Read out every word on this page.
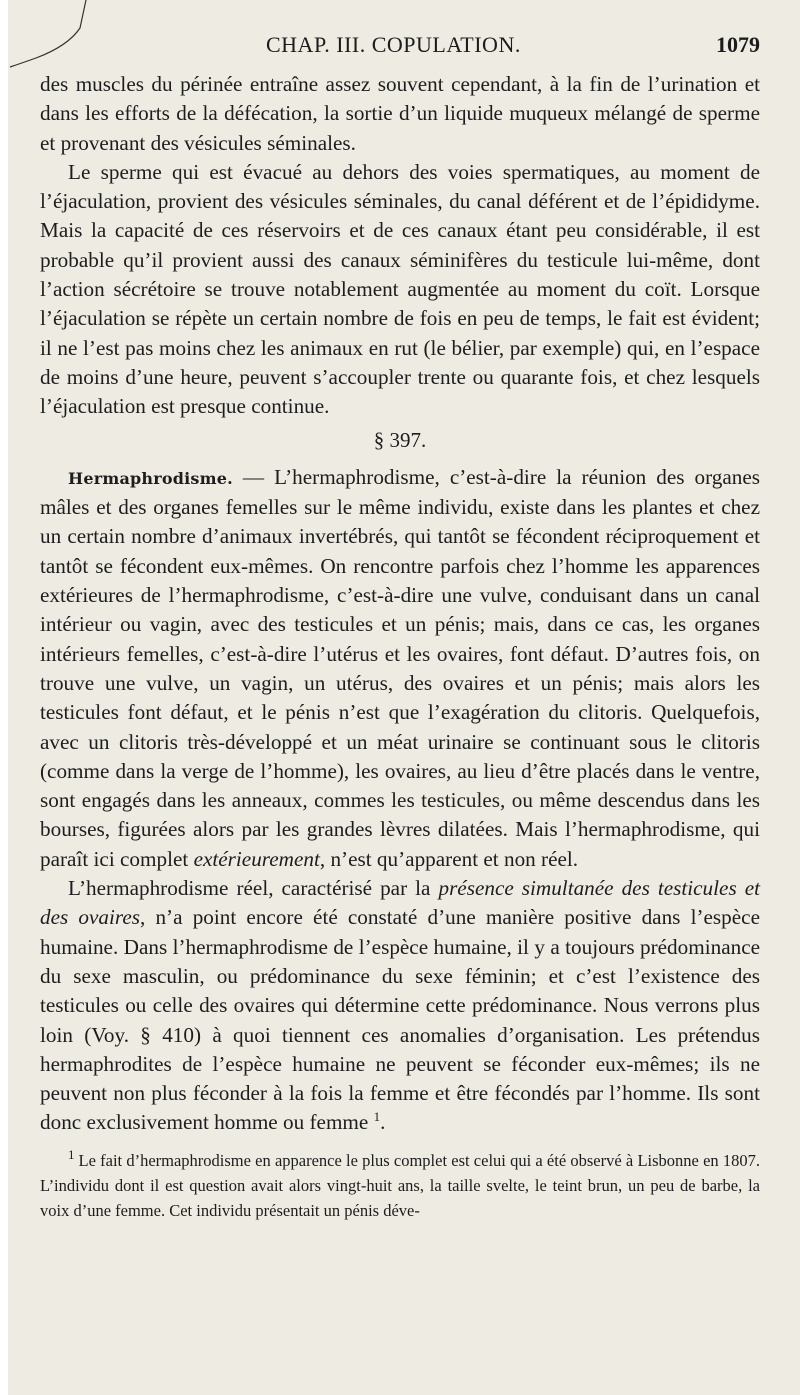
CHAP. III. COPULATION.	1079

des muscles du périnée entraîne assez souvent cependant, à la fin de l’urination et dans les efforts de la défécation, la sortie d’un liquide muqueux mélangé de sperme et provenant des vésicules séminales.

Le sperme qui est évacué au dehors des voies spermatiques, au moment de l’éjaculation, provient des vésicules séminales, du canal déférent et de l’épididyme. Mais la capacité de ces réservoirs et de ces canaux étant peu considérable, il est probable qu’il provient aussi des canaux séminifères du testicule lui-même, dont l’action sécrétoire se trouve notablement augmentée au moment du coït. Lorsque l’éjaculation se répète un certain nombre de fois en peu de temps, le fait est évident; il ne l’est pas moins chez les animaux en rut (le bélier, par exemple) qui, en l’espace de moins d’une heure, peuvent s’accoupler trente ou quarante fois, et chez lesquels l’éjaculation est presque continue.

§ 397.

Hermaphrodisme. — L’hermaphrodisme, c’est-à-dire la réunion des organes mâles et des organes femelles sur le même individu, existe dans les plantes et chez un certain nombre d’animaux invertébrés, qui tantôt se fécondent réciproquement et tantôt se fécondent eux-mêmes. On rencontre parfois chez l’homme les apparences extérieures de l’hermaphrodisme, c’est-à-dire une vulve, conduisant dans un canal intérieur ou vagin, avec des testicules et un pénis; mais, dans ce cas, les organes intérieurs femelles, c’est-à-dire l’utérus et les ovaires, font défaut. D’autres fois, on trouve une vulve, un vagin, un utérus, des ovaires et un pénis; mais alors les testicules font défaut, et le pénis n’est que l’exagération du clitoris. Quelquefois, avec un clitoris très-développé et un méat urinaire se continuant sous le clitoris (comme dans la verge de l’homme), les ovaires, au lieu d’être placés dans le ventre, sont engagés dans les anneaux, commes les testicules, ou même descendus dans les bourses, figurées alors par les grandes lèvres dilatées. Mais l’hermaphrodisme, qui paraît ici complet extérieurement, n’est qu’apparent et non réel.

L’hermaphrodisme réel, caractérisé par la présence simultanée des testicules et des ovaires, n’a point encore été constaté d’une manière positive dans l’espèce humaine. Dans l’hermaphrodisme de l’espèce humaine, il y a toujours prédominance du sexe masculin, ou prédominance du sexe féminin; et c’est l’existence des testicules ou celle des ovaires qui détermine cette prédominance. Nous verrons plus loin (Voy. § 410) à quoi tiennent ces anomalies d’organisation. Les prétendus hermaphrodites de l’espèce humaine ne peuvent se féconder eux-mêmes; ils ne peuvent non plus féconder à la fois la femme et être fécondés par l’homme. Ils sont donc exclusivement homme ou femme $^1$.

$^1$ Le fait d’hermaphrodisme en apparence le plus complet est celui qui a été observé à Lisbonne en 1807. L’individu dont il est question avait alors vingt-huit ans, la taille svelte, le teint brun, un peu de barbe, la voix d’une femme. Cet individu présentait un pénis déve-
